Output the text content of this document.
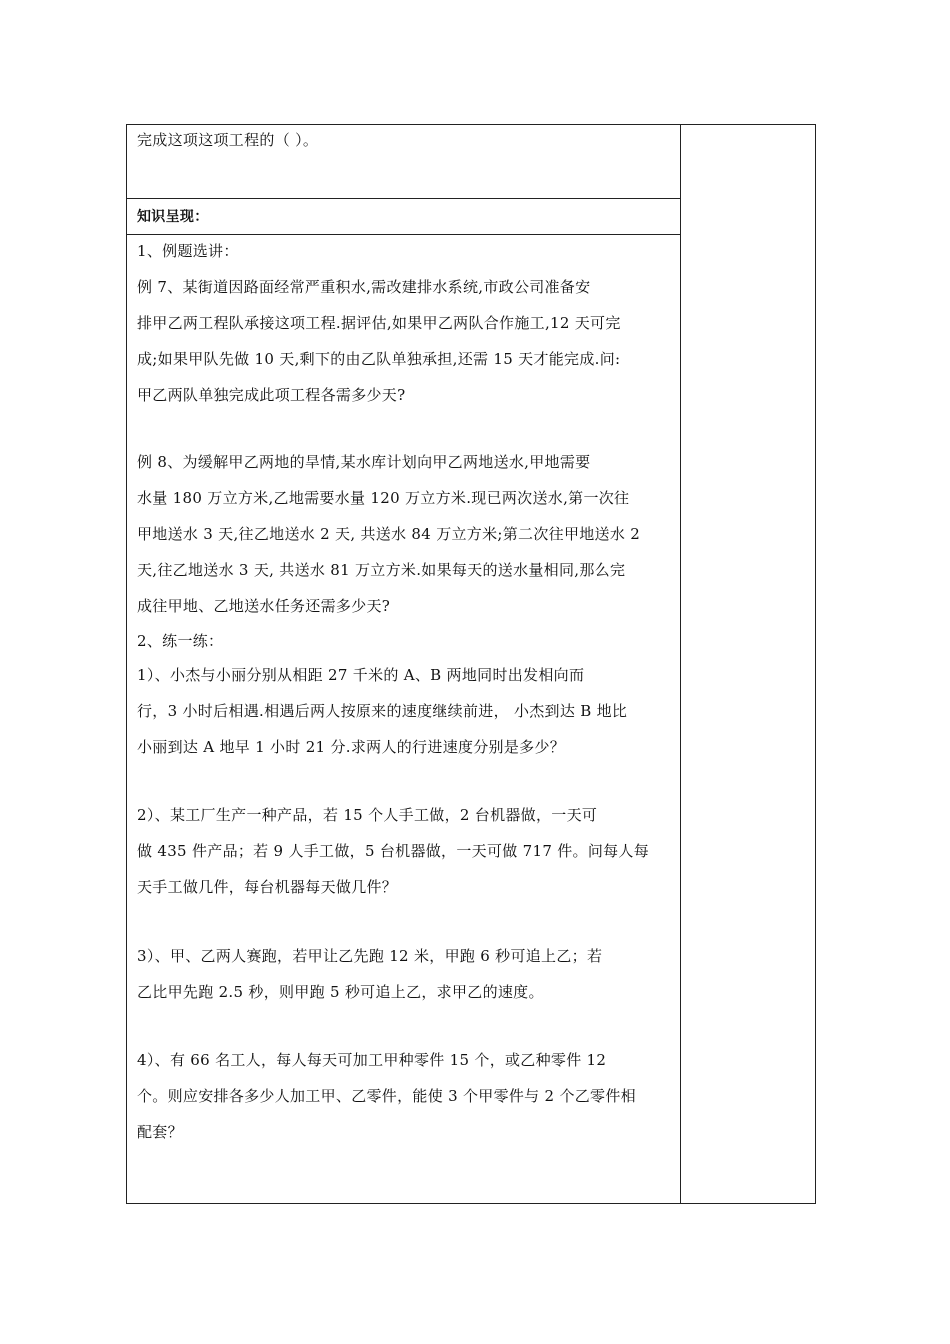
完成这项这项工程的（ ）。
知识呈现：
1、例题选讲：
例 7、某街道因路面经常严重积水,需改建排水系统,市政公司准备安
排甲乙两工程队承接这项工程.据评估,如果甲乙两队合作施工,12 天可完
成;如果甲队先做 10 天,剩下的由乙队单独承担,还需 15 天才能完成.问:
甲乙两队单独完成此项工程各需多少天?
例 8、为缓解甲乙两地的旱情,某水库计划向甲乙两地送水,甲地需要
水量 180 万立方米,乙地需要水量 120 万立方米.现已两次送水,第一次往
甲地送水 3 天,往乙地送水 2 天, 共送水 84 万立方米;第二次往甲地送水 2
天,往乙地送水 3 天, 共送水 81 万立方米.如果每天的送水量相同,那么完
成往甲地、乙地送水任务还需多少天?
2、练一练：
1）、小杰与小丽分别从相距 27 千米的 A、B 两地同时出发相向而
行，3 小时后相遇.相遇后两人按原来的速度继续前进， 小杰到达 B 地比
小丽到达 A 地早 1 小时 21 分.求两人的行进速度分别是多少？
2）、某工厂生产一种产品，若 15 个人手工做，2 台机器做，一天可
做 435 件产品；若 9 人手工做，5 台机器做，一天可做 717 件。问每人每
天手工做几件，每台机器每天做几件？
3）、甲、乙两人赛跑，若甲让乙先跑 12 米，甲跑 6 秒可追上乙；若
乙比甲先跑 2.5 秒，则甲跑 5 秒可追上乙，求甲乙的速度。
4）、有 66 名工人，每人每天可加工甲种零件 15 个，或乙种零件 12
个。则应安排各多少人加工甲、乙零件，能使 3 个甲零件与 2 个乙零件相
配套？
